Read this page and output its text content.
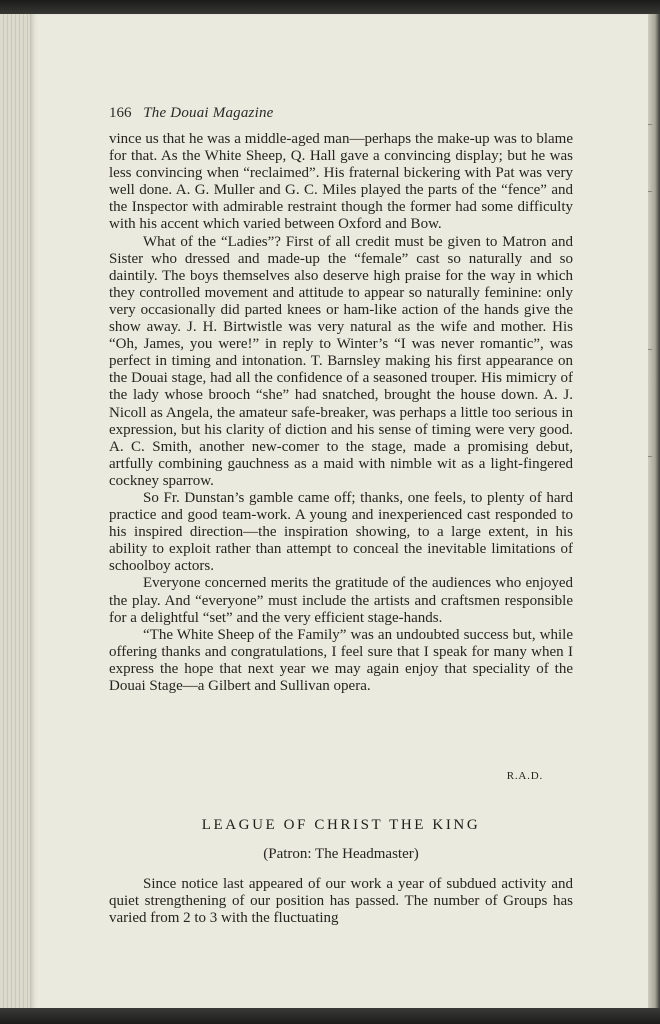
166 The Douai Magazine

vince us that he was a middle-aged man—perhaps the make-up was to blame for that. As the White Sheep, Q. Hall gave a convincing display; but he was less convincing when “reclaimed”. His fraternal bickering with Pat was very well done. A. G. Muller and G. C. Miles played the parts of the “fence” and the Inspector with admirable restraint though the former had some difficulty with his accent which varied between Oxford and Bow.

What of the “Ladies”? First of all credit must be given to Matron and Sister who dressed and made-up the “female” cast so naturally and so daintily. The boys themselves also deserve high praise for the way in which they controlled movement and attitude to appear so naturally feminine: only very occasionally did parted knees or ham-like action of the hands give the show away. J. H. Birtwistle was very natural as the wife and mother. His “Oh, James, you were!” in reply to Winter’s “I was never romantic”, was perfect in timing and intonation. T. Barnsley making his first appearance on the Douai stage, had all the confidence of a seasoned trouper. His mimicry of the lady whose brooch “she” had snatched, brought the house down. A. J. Nicoll as Angela, the amateur safe-breaker, was perhaps a little too serious in expression, but his clarity of diction and his sense of timing were very good. A. C. Smith, another new-comer to the stage, made a promising debut, artfully combining gauchness as a maid with nimble wit as a light-fingered cockney sparrow.

So Fr. Dunstan’s gamble came off; thanks, one feels, to plenty of hard practice and good team-work. A young and inexperienced cast responded to his inspired direction—the inspiration showing, to a large extent, in his ability to exploit rather than attempt to conceal the inevitable limitations of schoolboy actors.

Everyone concerned merits the gratitude of the audiences who enjoyed the play. And “everyone” must include the artists and craftsmen responsible for a delightful “set” and the very efficient stage-hands.

“The White Sheep of the Family” was an undoubted success but, while offering thanks and congratulations, I feel sure that I speak for many when I express the hope that next year we may again enjoy that speciality of the Douai Stage—a Gilbert and Sullivan opera.

R.A.D.
LEAGUE OF CHRIST THE KING
(Patron: The Headmaster)

Since notice last appeared of our work a year of subdued activity and quiet strengthening of our position has passed. The number of Groups has varied from 2 to 3 with the fluctuating
